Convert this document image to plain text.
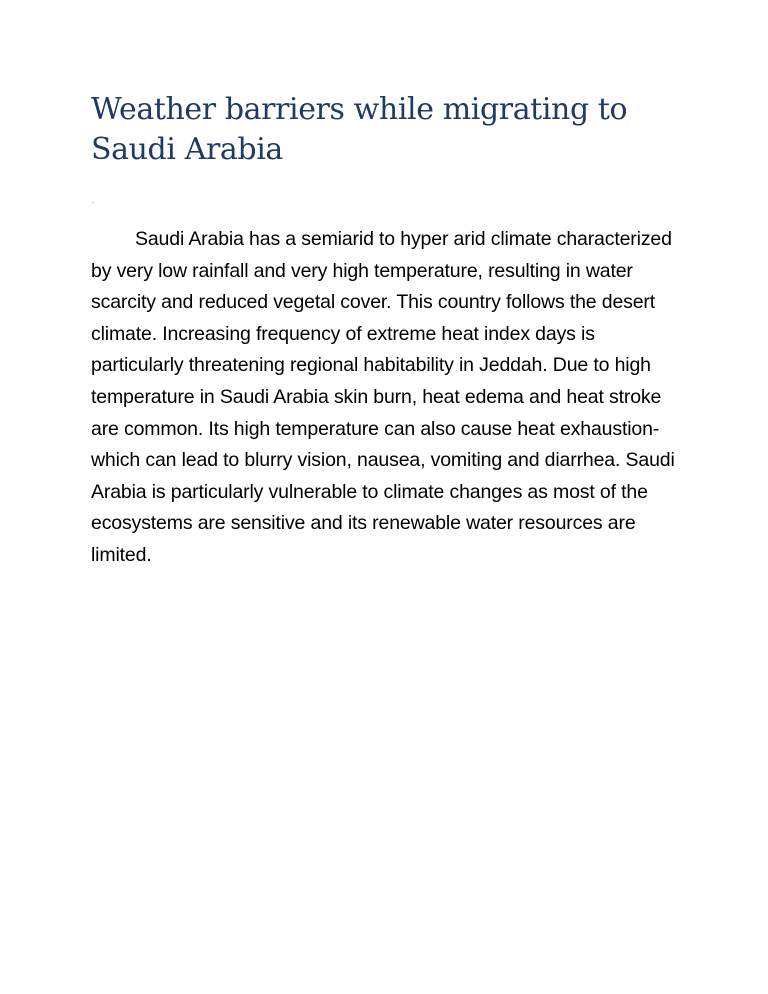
Weather barriers while migrating to Saudi Arabia
.

Saudi Arabia has a semiarid to hyper arid climate characterized by very low rainfall and very high temperature, resulting in water scarcity and reduced vegetal cover. This country follows the desert climate. Increasing frequency of extreme heat index days is particularly threatening regional habitability in Jeddah. Due to high temperature in Saudi Arabia skin burn, heat edema and heat stroke are common. Its high temperature can also cause heat exhaustion- which can lead to blurry vision, nausea, vomiting and diarrhea. Saudi Arabia is particularly vulnerable to climate changes as most of the ecosystems are sensitive and its renewable water resources are limited.
